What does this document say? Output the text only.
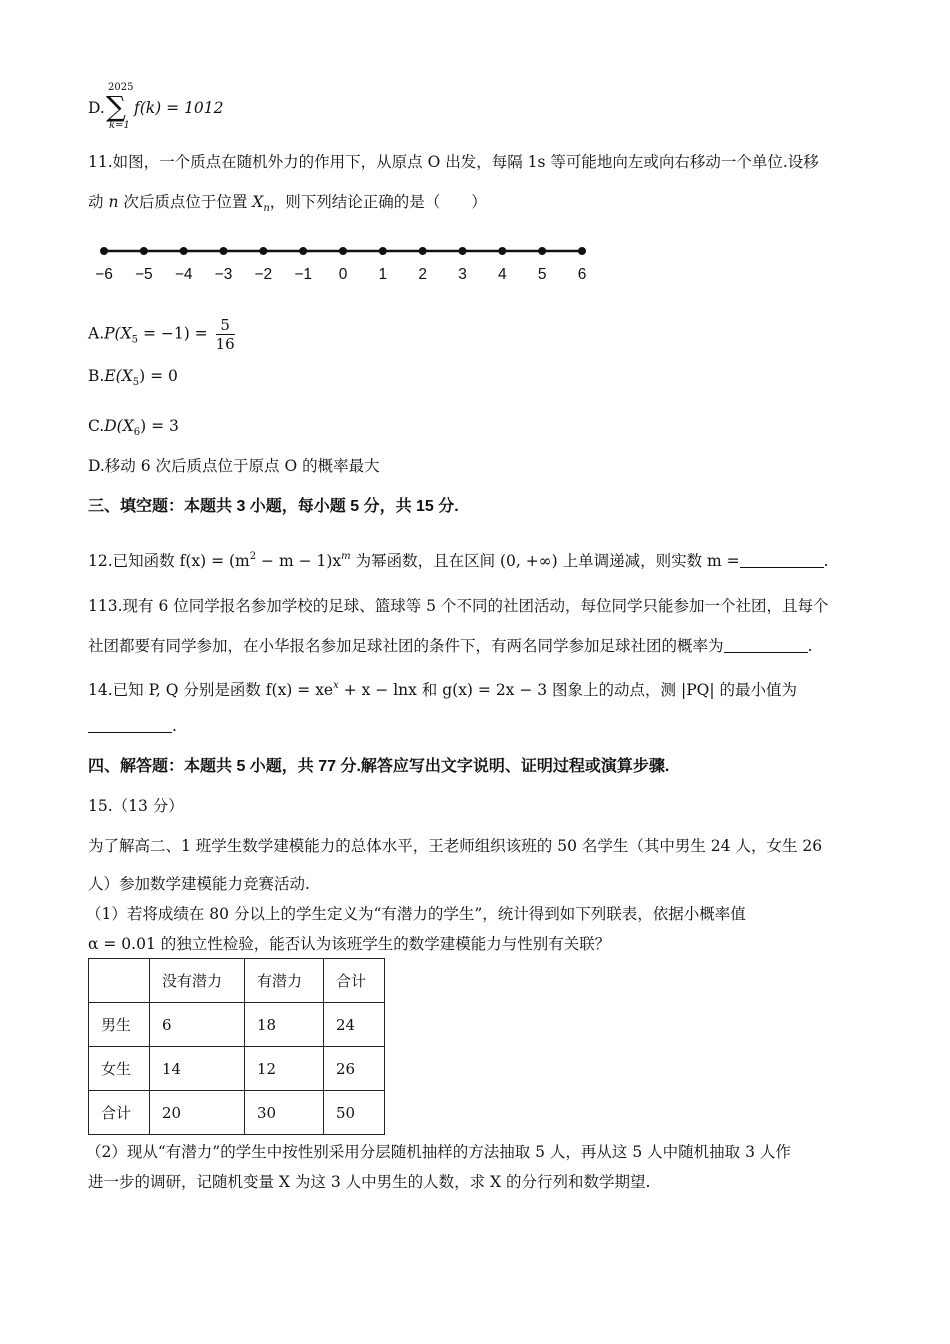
D.
2025
∑
k=1
f(k) = 1012
11.如图，一个质点在随机外力的作用下，从原点 O 出发，每隔 1s 等可能地向左或向右移动一个单位.设移
动 n 次后质点位于位置 $X_n$，则下列结论正确的是（　　）
−6 −5 −4 −3 −2 −1 0 1 2 3 4 5 6
$A.P(X_5 = -1) = \frac{5}{16}$
$B.E(X_5) = 0$
$C.D(X_6) = 3$
D.移动 6 次后质点位于原点 O 的概率最大
三、填空题：本题共 3 小题，每小题 5 分，共 15 分.
12.已知函数 $f(x) = (m^2 - m - 1)x^m$ 为幂函数，且在区间 (0, +∞) 上单调递减，则实数 m =	.
113.现有 6 位同学报名参加学校的足球、篮球等 5 个不同的社团活动，每位同学只能参加一个社团，且每个
社团都要有同学参加，在小华报名参加足球社团的条件下，有两名同学参加足球社团的概率为	.
14.已知 P, Q 分别是函数 $f(x) = xe^x + x - \ln x$ 和 g(x) = 2x − 3 图象上的动点，测 |PQ| 的最小值为
.
四、解答题：本题共 5 小题，共 77 分.解答应写出文字说明、证明过程或演算步骤.
15.（13 分）
为了解高二、1 班学生数学建模能力的总体水平，王老师组织该班的 50 名学生（其中男生 24 人，女生 26
人）参加数学建模能力竞赛活动.
（1）若将成绩在 80 分以上的学生定义为“有潜力的学生”，统计得到如下列联表，依据小概率值
α = 0.01 的独立性检验，能否认为该班学生的数学建模能力与性别有关联？
	没有潜力	有潜力	合计
男生	6	18	24
女生	14	12	26
合计	20	30	50
（2）现从“有潜力”的学生中按性别采用分层随机抽样的方法抽取 5 人，再从这 5 人中随机抽取 3 人作
进一步的调研，记随机变量 X 为这 3 人中男生的人数，求 X 的分行列和数学期望.
